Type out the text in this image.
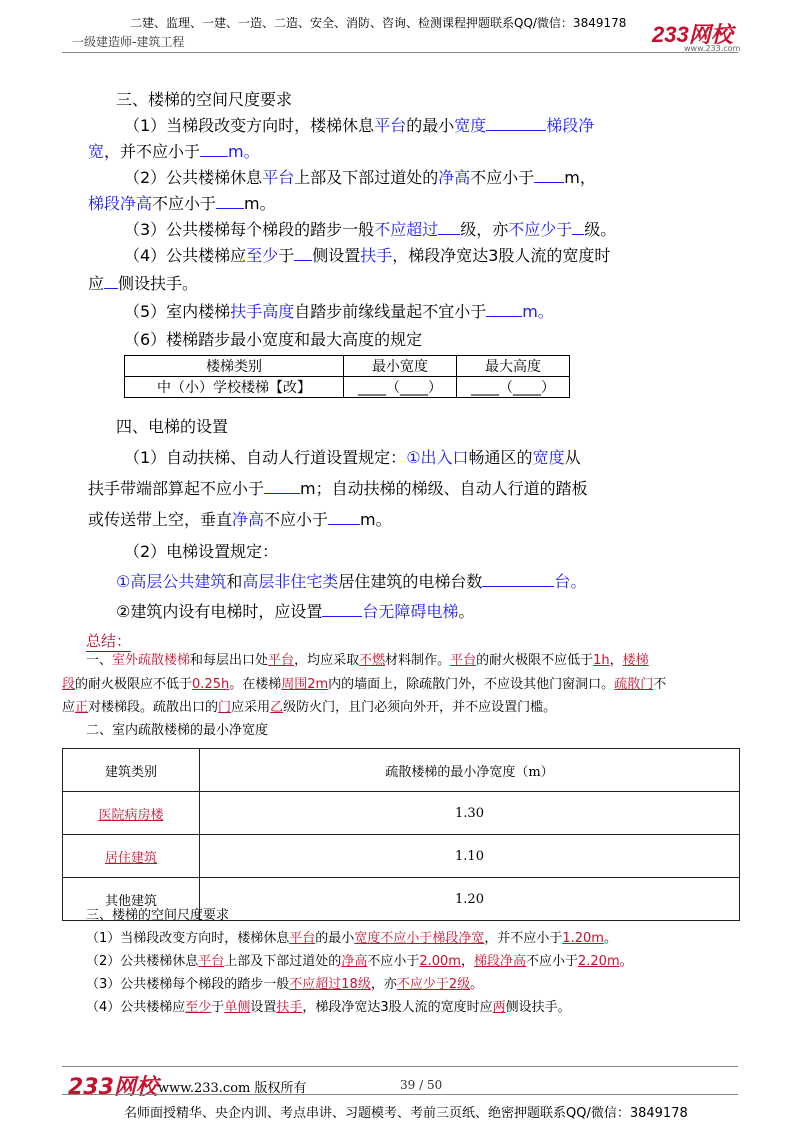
二建、监理、一建、一造、二造、安全、消防、咨询、检测课程押题联系QQ/微信：3849178
一级建造师-建筑工程	233网校
www.233.com
三、楼梯的空间尺度要求
（1）当梯段改变方向时，楼梯休息平台的最小宽度	梯段净
宽，并不应小于 m。
（2）公共楼梯休息平台上部及下部过道处的净高不应小于 m，
梯段净高不应小于 m。
（3）公共楼梯每个梯段的踏步一般不应超过 级，亦不应少于 级。
（4）公共楼梯应至少于 侧设置扶手，梯段净宽达3股人流的宽度时
应 侧设扶手。
（5）室内楼梯扶手高度自踏步前缘线量起不宜小于 m。
（6）楼梯踏步最小宽度和最大高度的规定
楼梯类别	最小宽度	最大高度
中（小）学校楼梯【改】	____（____）	____（____）
四、电梯的设置
（1）自动扶梯、自动人行道设置规定：①出入口畅通区的宽度从
扶手带端部算起不应小于 m；自动扶梯的梯级、自动人行道的踏板
或传送带上空，垂直净高不应小于 m。
（2）电梯设置规定：
①高层公共建筑和高层非住宅类居住建筑的电梯台数	台。
②建筑内设有电梯时，应设置	台无障碍电梯。
总结：
一、室外疏散楼梯和每层出口处平台，均应采取不燃材料制作。平台的耐火极限不应低于1h，楼梯
段的耐火极限应不低于0.25h。在楼梯周围2m内的墙面上，除疏散门外，不应设其他门窗洞口。疏散门不
应正对楼梯段。疏散出口的门应采用乙级防火门，且门必须向外开，并不应设置门槛。
二、室内疏散楼梯的最小净宽度
建筑类别	疏散楼梯的最小净宽度（m）
医院病房楼	1.30
居住建筑	1.10
其他建筑	1.20
三、楼梯的空间尺度要求
（1）当梯段改变方向时，楼梯休息平台的最小宽度不应小于梯段净宽，并不应小于1.20m。
（2）公共楼梯休息平台上部及下部过道处的净高不应小于2.00m，梯段净高不应小于2.20m。
（3）公共楼梯每个梯段的踏步一般不应超过18级，亦不应少于2级。
（4）公共楼梯应至少于单侧设置扶手，梯段净宽达3股人流的宽度时应两侧设扶手。
233网校 www.233.com 版权所有	39 / 50
名师面授精华、央企内训、考点串讲、习题模考、考前三页纸、绝密押题联系QQ/微信：3849178
